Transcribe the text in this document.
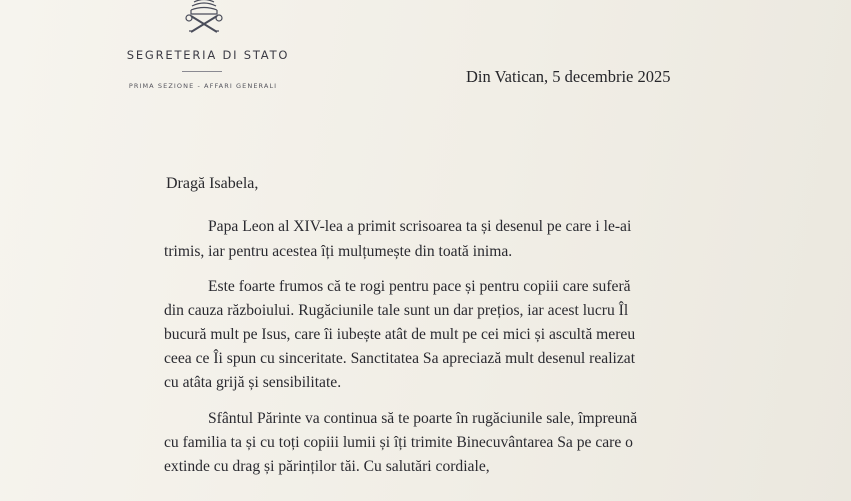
SEGRETERIA DI STATO
PRIMA SEZIONE - AFFARI GENERALI	Din Vatican, 5 decembrie 2025
Dragă Isabela,
Papa Leon al XIV-lea a primit scrisoarea ta și desenul pe care i le-ai
trimis, iar pentru acestea îți mulțumește din toată inima.
Este foarte frumos că te rogi pentru pace și pentru copiii care suferă
din cauza războiului. Rugăciunile tale sunt un dar prețios, iar acest lucru Îl
bucură mult pe Isus, care îi iubește atât de mult pe cei mici și ascultă mereu
ceea ce Îi spun cu sinceritate. Sanctitatea Sa apreciază mult desenul realizat
cu atâta grijă și sensibilitate.
Sfântul Părinte va continua să te poarte în rugăciunile sale, împreună
cu familia ta și cu toți copiii lumii și îți trimite Binecuvântarea Sa pe care o
extinde cu drag și părinților tăi. Cu salutări cordiale,
